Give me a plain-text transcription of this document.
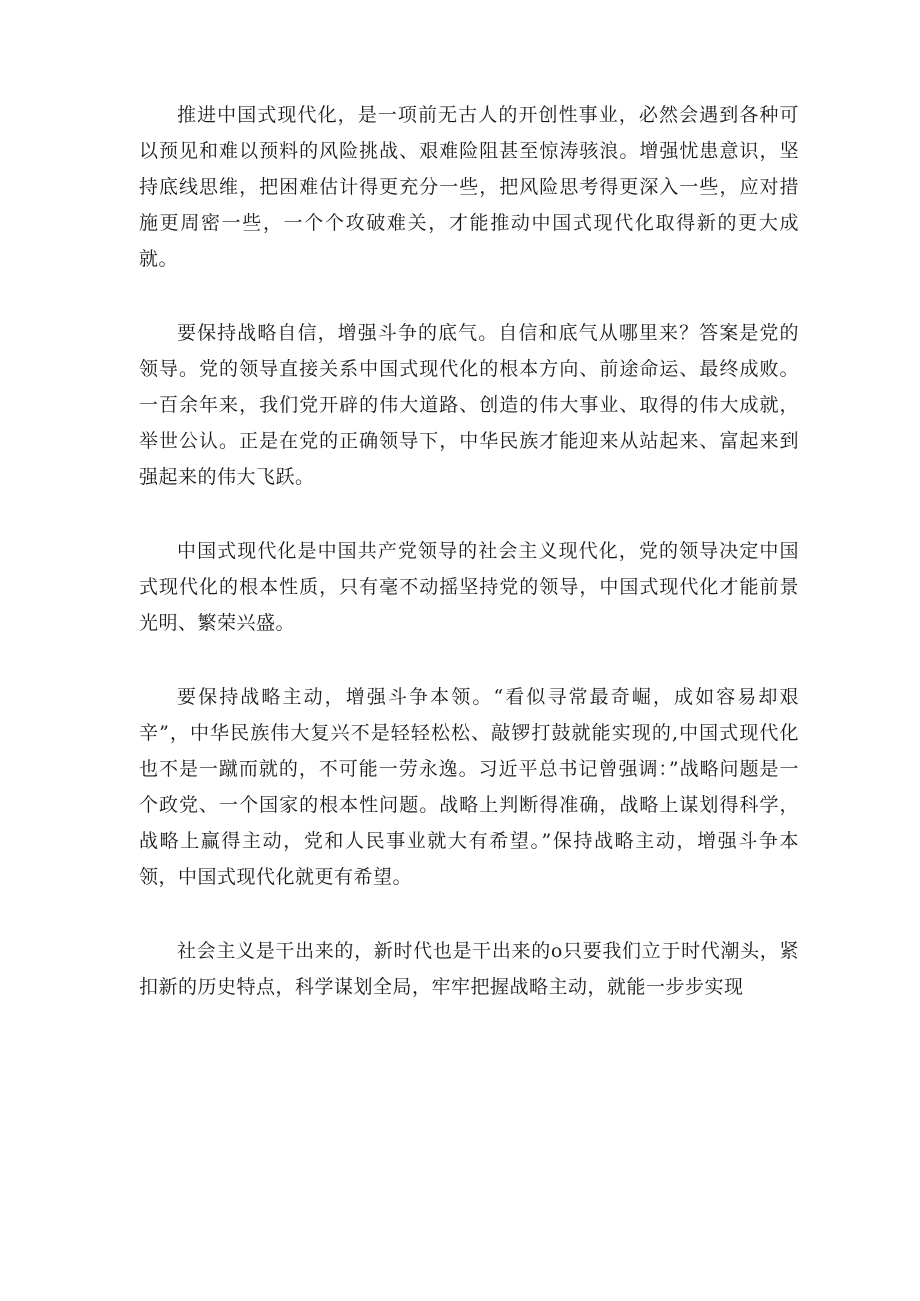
推进中国式现代化，是一项前无古人的开创性事业，必然会遇到各种可以预见和难以预料的风险挑战、艰难险阻甚至惊涛骇浪。增强忧患意识，坚持底线思维，把困难估计得更充分一些，把风险思考得更深入一些，应对措施更周密一些，一个个攻破难关，才能推动中国式现代化取得新的更大成就。

要保持战略自信，增强斗争的底气。自信和底气从哪里来？答案是党的领导。党的领导直接关系中国式现代化的根本方向、前途命运、最终成败。一百余年来，我们党开辟的伟大道路、创造的伟大事业、取得的伟大成就，举世公认。正是在党的正确领导下，中华民族才能迎来从站起来、富起来到强起来的伟大飞跃。

中国式现代化是中国共产党领导的社会主义现代化，党的领导决定中国式现代化的根本性质，只有毫不动摇坚持党的领导，中国式现代化才能前景光明、繁荣兴盛。

要保持战略主动，增强斗争本领。“看似寻常最奇崛，成如容易却艰辛”，中华民族伟大复兴不是轻轻松松、敲锣打鼓就能实现的,中国式现代化也不是一蹴而就的，不可能一劳永逸。习近平总书记曾强调：”战略问题是一个政党、一个国家的根本性问题。战略上判断得准确，战略上谋划得科学，战略上赢得主动，党和人民事业就大有希望。”保持战略主动，增强斗争本领，中国式现代化就更有希望。

社会主义是干出来的，新时代也是干出来的o只要我们立于时代潮头，紧扣新的历史特点，科学谋划全局，牢牢把握战略主动，就能一步步实现
